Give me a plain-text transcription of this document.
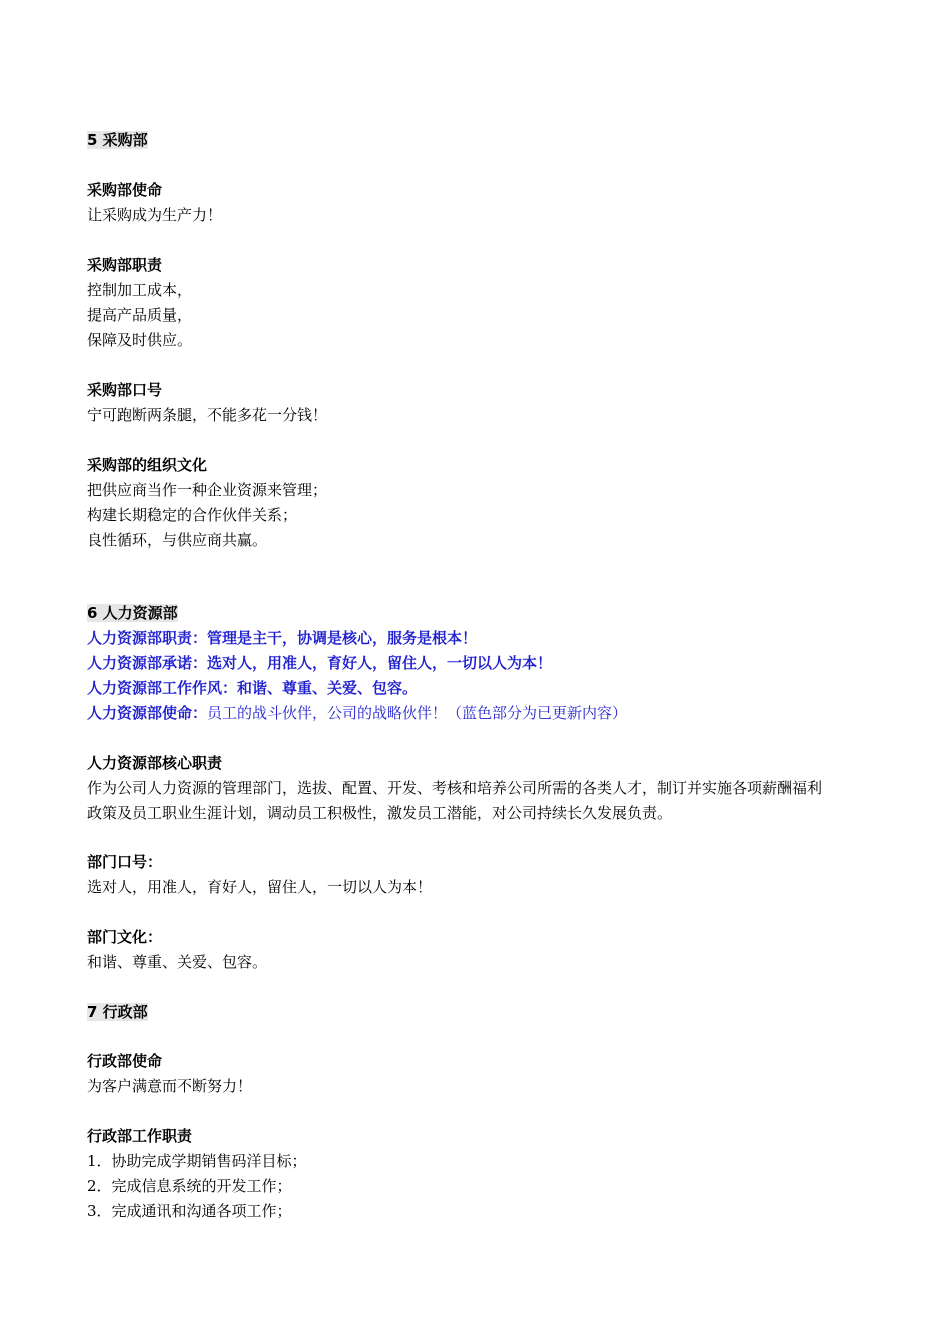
5 采购部
采购部使命
让采购成为生产力！
采购部职责
控制加工成本，
提高产品质量，
保障及时供应。
采购部口号
宁可跑断两条腿，不能多花一分钱！
采购部的组织文化
把供应商当作一种企业资源来管理；
构建长期稳定的合作伙伴关系；
良性循环，与供应商共赢。
6 人力资源部
人力资源部职责：管理是主干，协调是核心，服务是根本！
人力资源部承诺：选对人，用准人，育好人，留住人，一切以人为本！
人力资源部工作作风：和谐、尊重、关爱、包容。
人力资源部使命：员工的战斗伙伴，公司的战略伙伴！（蓝色部分为已更新内容）
人力资源部核心职责
作为公司人力资源的管理部门，选拔、配置、开发、考核和培养公司所需的各类人才，制订并实施各项薪酬福利
政策及员工职业生涯计划，调动员工积极性，激发员工潜能，对公司持续长久发展负责。
部门口号：
选对人，用准人，育好人，留住人，一切以人为本！
部门文化：
和谐、尊重、关爱、包容。
7 行政部
行政部使命
为客户满意而不断努力！
行政部工作职责
1．协助完成学期销售码洋目标；
2．完成信息系统的开发工作；
3．完成通讯和沟通各项工作；
